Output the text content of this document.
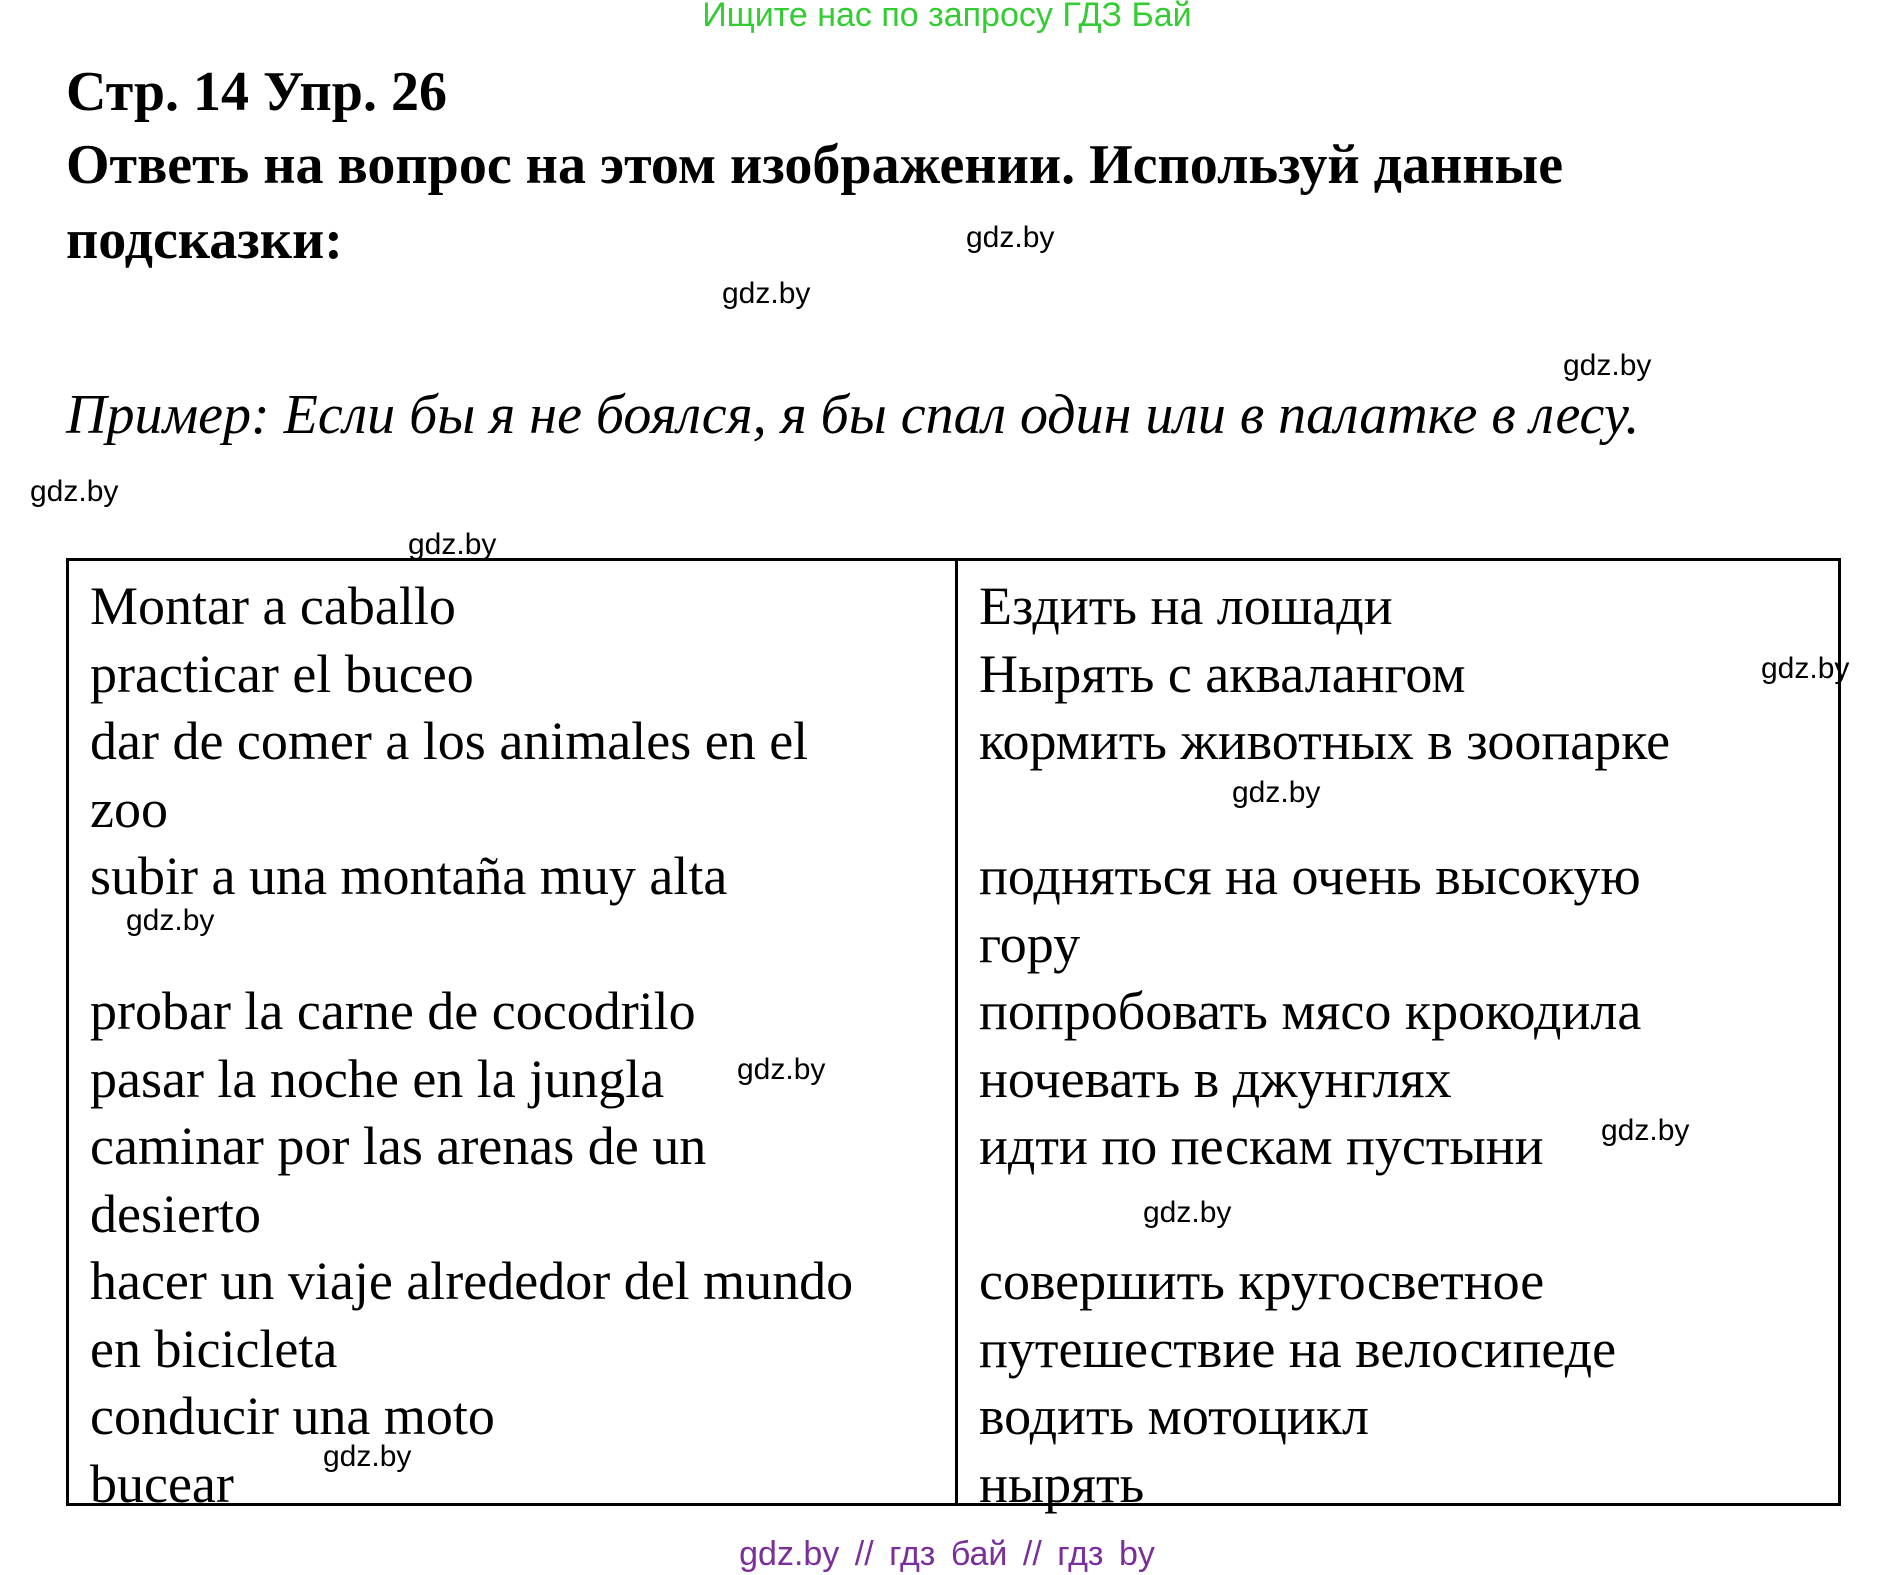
Ищите нас по запросу ГДЗ Бай

Стр. 14 Упр. 26
Ответь на вопрос на этом изображении. Используй данные
подсказки:

Пример: Если бы я не боялся, я бы спал один или в палатке в лесу.

gdz.by
gdz.by
gdz.by
gdz.by
gdz.by
Montar a caballo
practicar el buceo
dar de comer a los animales en el
zoo
subir a una montaña muy alta
probar la carne de cocodrilo
pasar la noche en la jungla
caminar por las arenas de un
desierto
hacer un viaje alrededor del mundo
en bicicleta
conducir una moto
bucear
Ездить на лошади
Нырять с аквалангом
кормить животных в зоопарке
подняться на очень высокую
гору
попробовать мясо крокодила
ночевать в джунглях
идти по пескам пустыни
совершить кругосветное
путешествие на велосипеде
водить мотоцикл
нырять
gdz.by
gdz.by
gdz.by
gdz.by
gdz.by
gdz.by
gdz.by

gdz.by // гдз бай // гдз by
